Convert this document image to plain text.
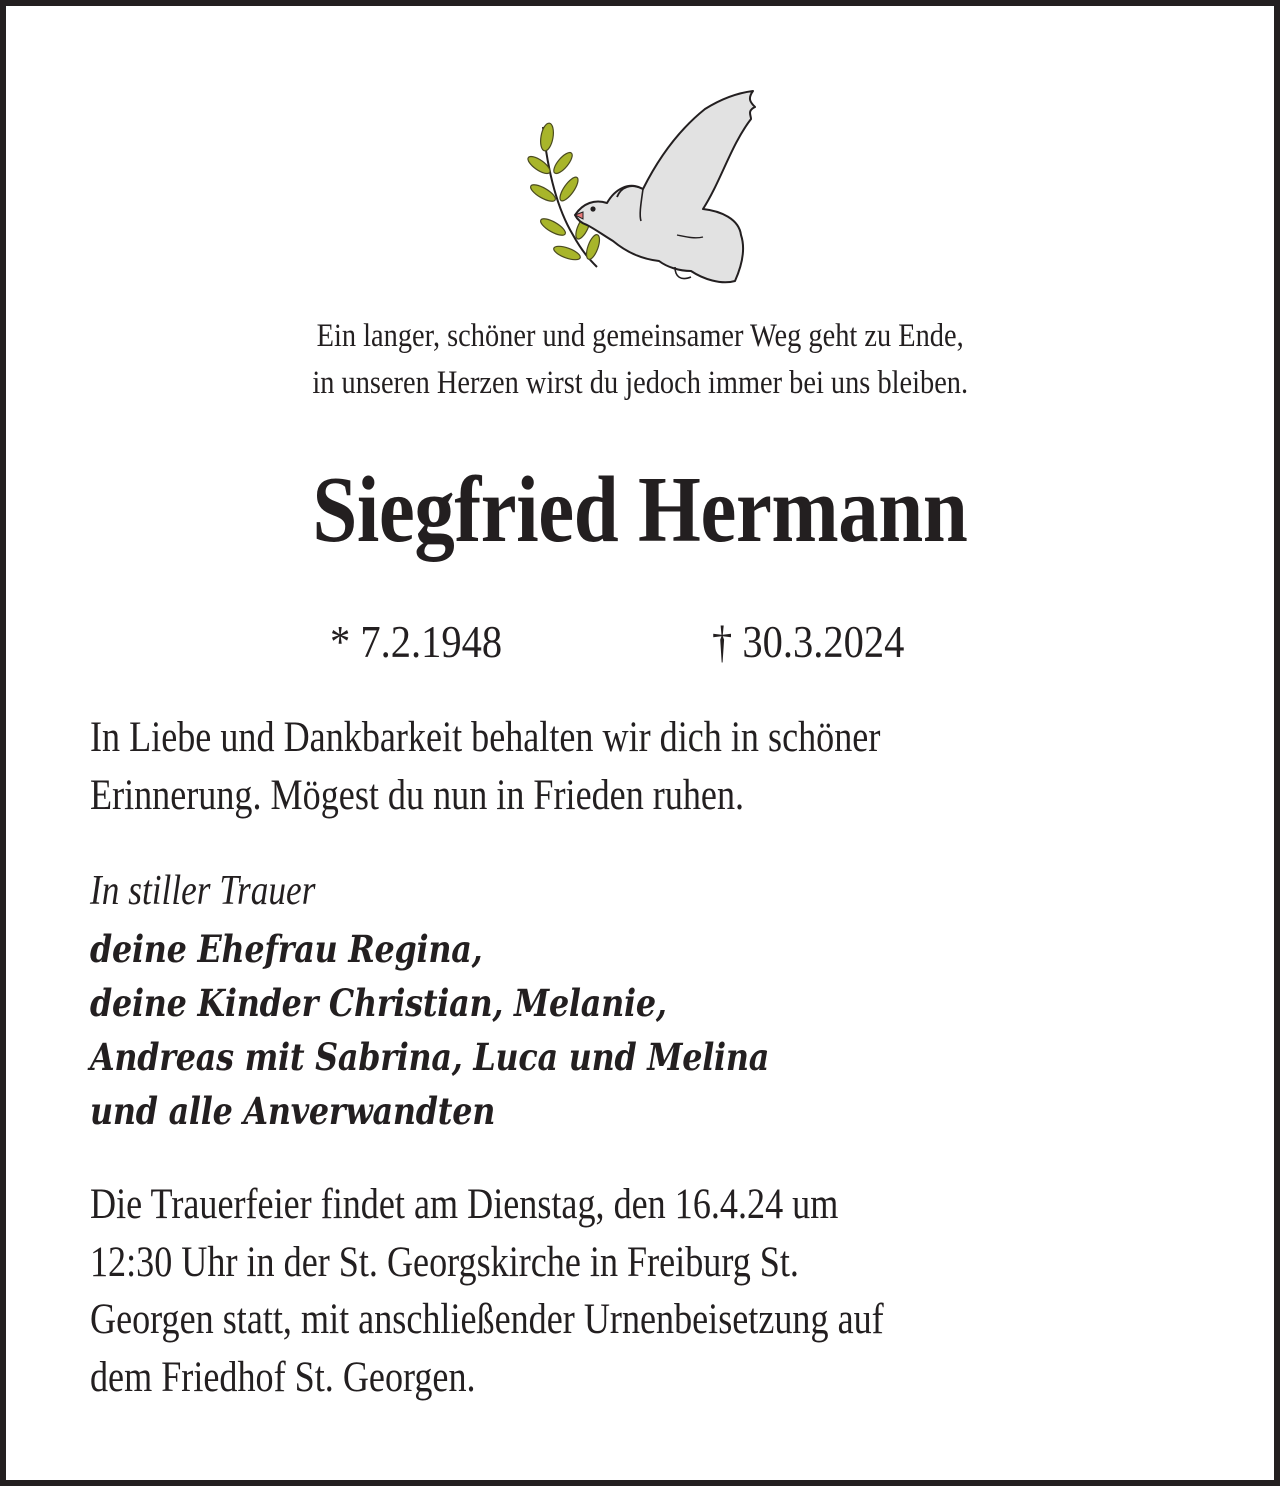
Ein langer, schöner und gemeinsamer Weg geht zu Ende,
in unseren Herzen wirst du jedoch immer bei uns bleiben.
Siegfried Hermann
* 7.2.1948	† 30.3.2024
In Liebe und Dankbarkeit behalten wir dich in schöner
Erinnerung. Mögest du nun in Frieden ruhen.
In stiller Trauer
deine Ehefrau Regina,
deine Kinder Christian, Melanie,
Andreas mit Sabrina, Luca und Melina
und alle Anverwandten
Die Trauerfeier findet am Dienstag, den 16.4.24 um
12:30 Uhr in der St. Georgskirche in Freiburg St.
Georgen statt, mit anschließender Urnenbeisetzung auf
dem Friedhof St. Georgen.
